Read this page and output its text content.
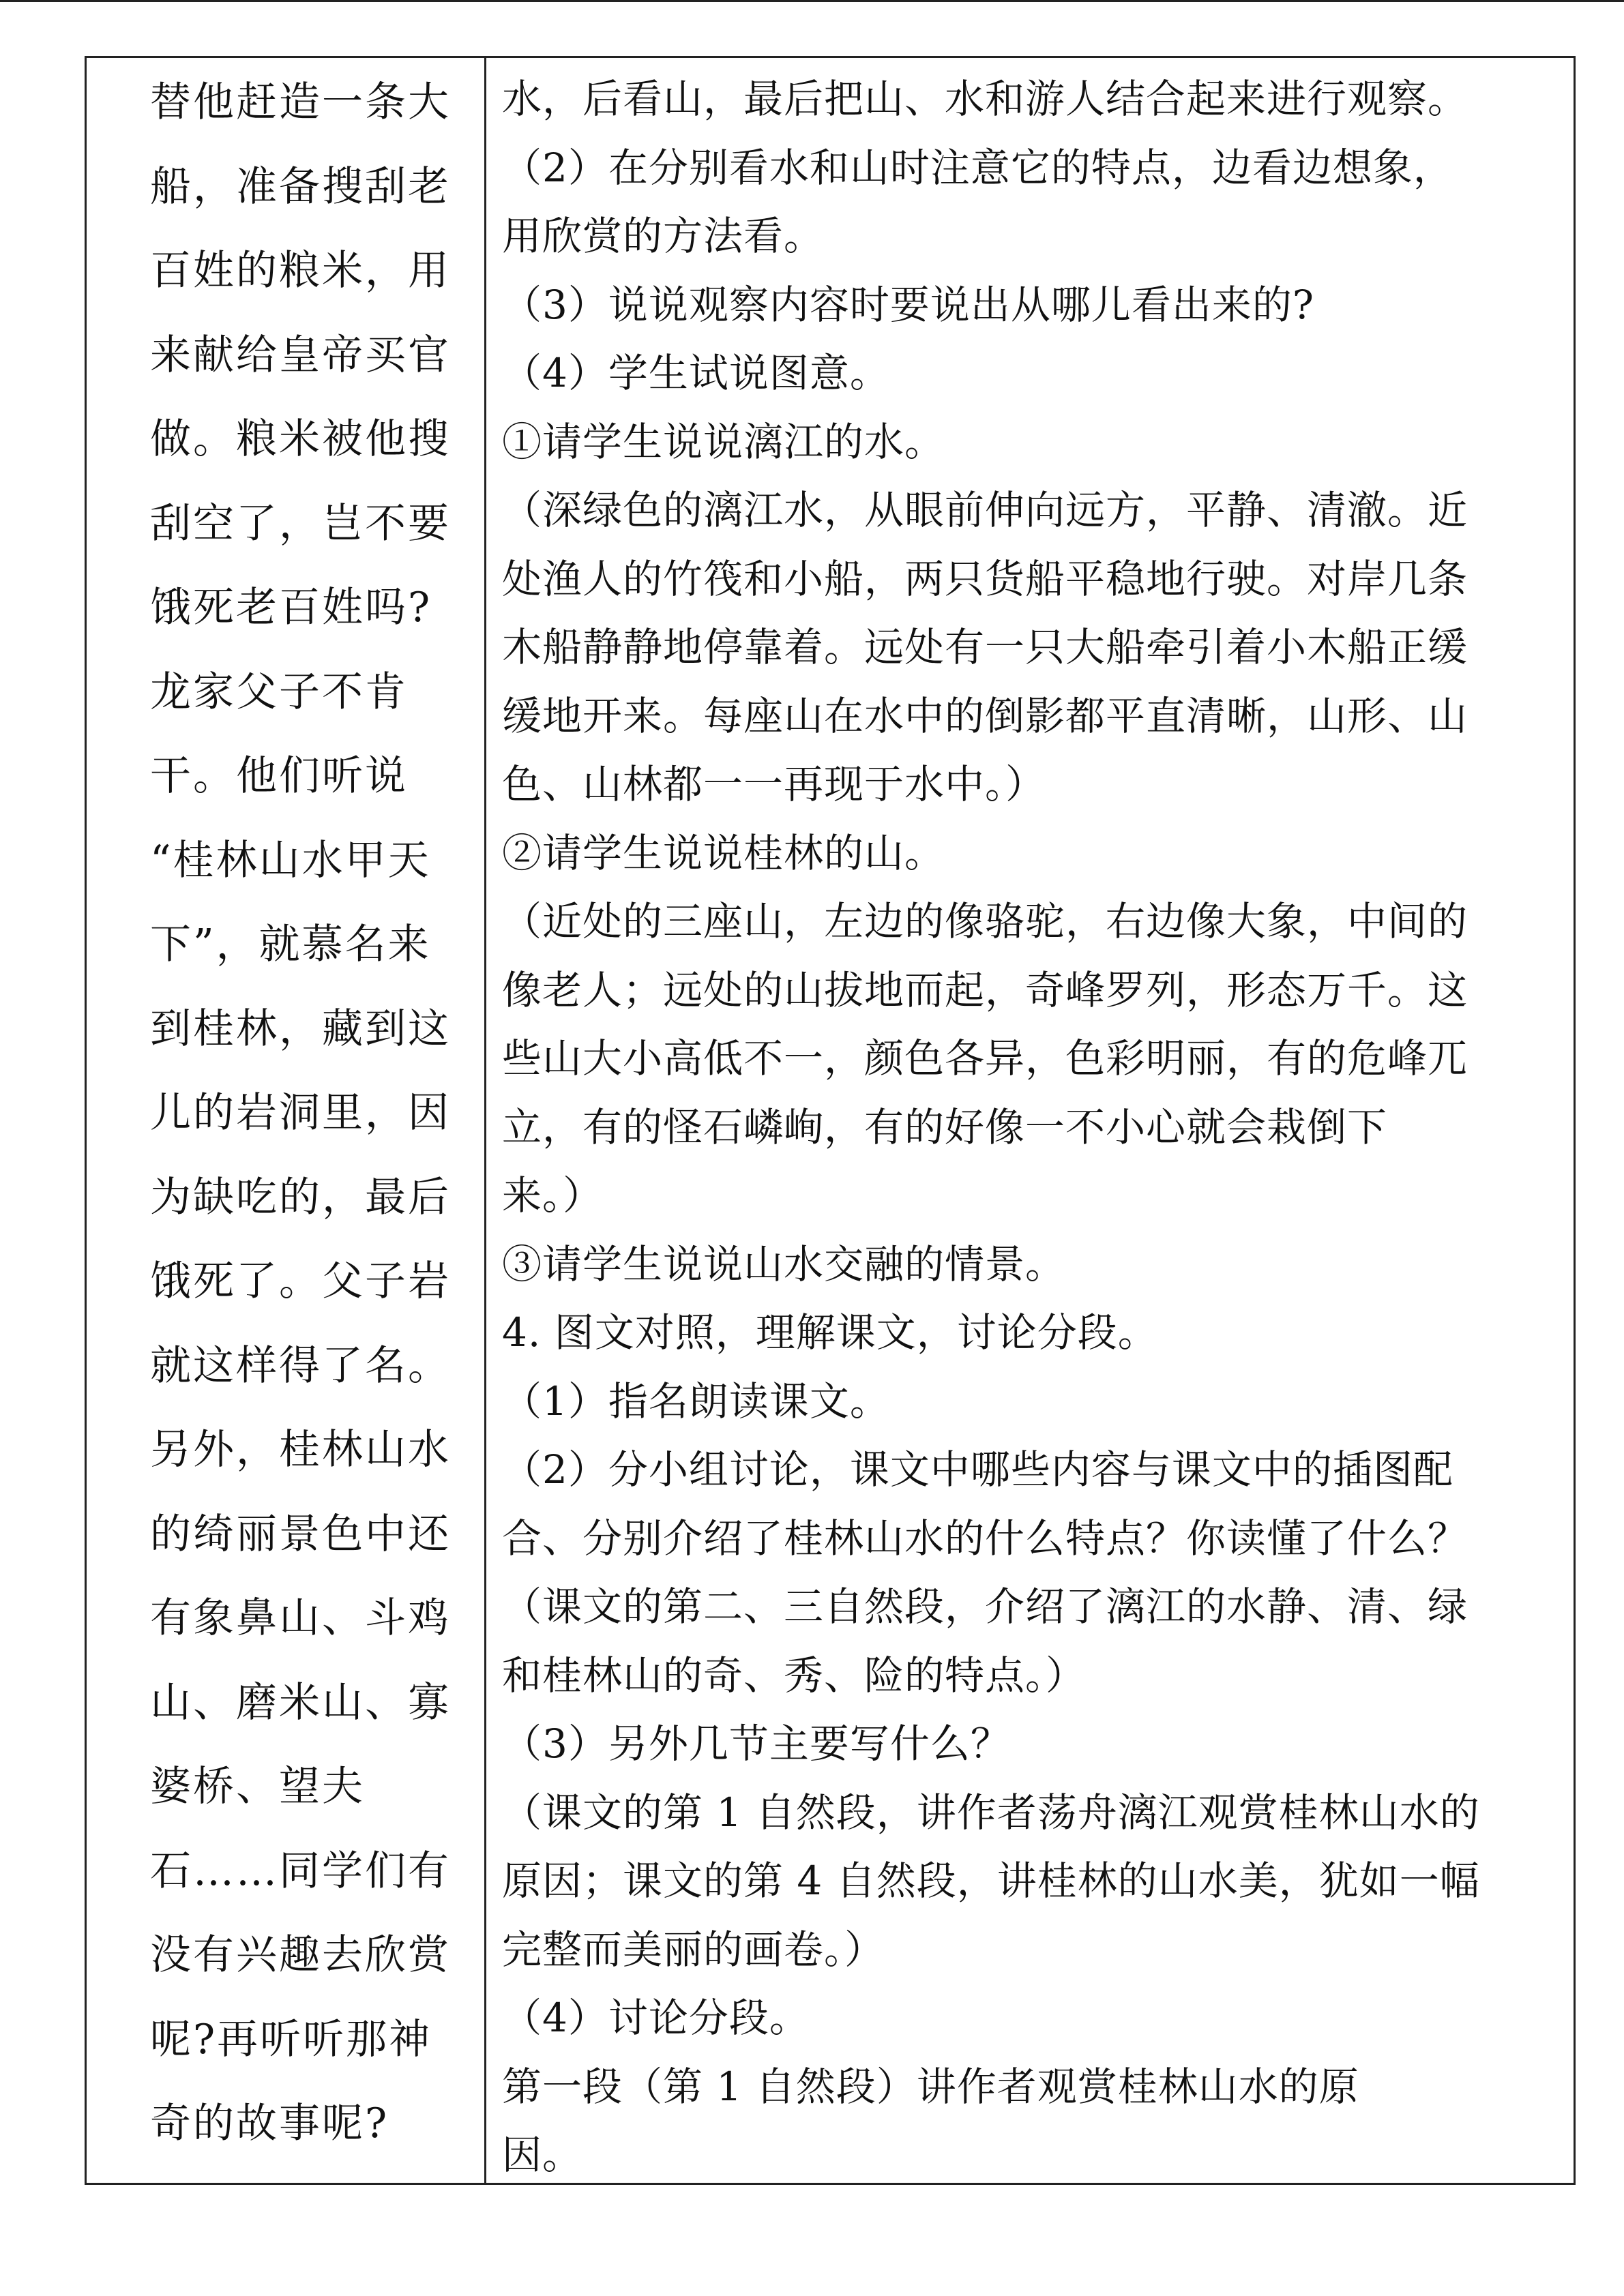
替他赶造一条大
船，准备搜刮老
百姓的粮米，用
来献给皇帝买官
做。粮米被他搜
刮空了，岂不要
饿死老百姓吗?
龙家父子不肯
干。他们听说
“桂林山水甲天
下”，就慕名来
到桂林，藏到这
儿的岩洞里，因
为缺吃的，最后
饿死了。父子岩
就这样得了名。
另外，桂林山水
的绮丽景色中还
有象鼻山、斗鸡
山、磨米山、寡
婆桥、望夫
石……同学们有
没有兴趣去欣赏
呢?再听听那神
奇的故事呢?
水，后看山，最后把山、水和游人结合起来进行观察。
（2）在分别看水和山时注意它的特点，边看边想象，
用欣赏的方法看。
（3）说说观察内容时要说出从哪儿看出来的?
（4）学生试说图意。
①请学生说说漓江的水。
（深绿色的漓江水，从眼前伸向远方，平静、清澈。近
处渔人的竹筏和小船，两只货船平稳地行驶。对岸几条
木船静静地停靠着。远处有一只大船牵引着小木船正缓
缓地开来。每座山在水中的倒影都平直清晰，山形、山
色、山林都一一再现于水中。）
②请学生说说桂林的山。
（近处的三座山，左边的像骆驼，右边像大象，中间的
像老人；远处的山拔地而起，奇峰罗列，形态万千。这
些山大小高低不一，颜色各异，色彩明丽，有的危峰兀
立，有的怪石嶙峋，有的好像一不小心就会栽倒下
来。）
③请学生说说山水交融的情景。
4. 图文对照，理解课文，讨论分段。
（1）指名朗读课文。
（2）分小组讨论，课文中哪些内容与课文中的插图配
合、分别介绍了桂林山水的什么特点？你读懂了什么？
（课文的第二、三自然段，介绍了漓江的水静、清、绿
和桂林山的奇、秀、险的特点。）
（3）另外几节主要写什么？
（课文的第 1 自然段，讲作者荡舟漓江观赏桂林山水的
原因；课文的第 4 自然段，讲桂林的山水美，犹如一幅
完整而美丽的画卷。）
（4）讨论分段。
第一段（第 1 自然段）讲作者观赏桂林山水的原
因。
